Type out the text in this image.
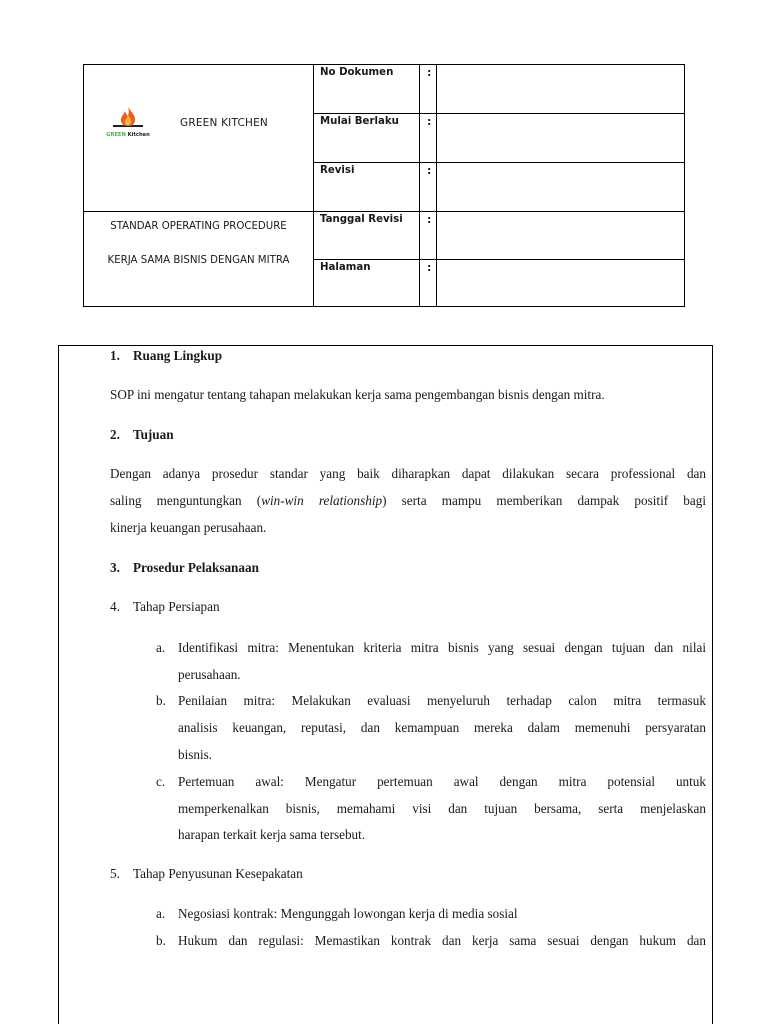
GREEN Kitchen
GREEN KITCHEN
STANDAR OPERATING PROCEDURE
KERJA SAMA BISNIS DENGAN MITRA
No Dokumen
Mulai Berlaku
Revisi
Tanggal Revisi
Halaman
:
:
:
:
:
1. Ruang Lingkup
SOP ini mengatur tentang tahapan melakukan kerja sama pengembangan bisnis dengan mitra.
2. Tujuan
Dengan adanya prosedur standar yang baik diharapkan dapat dilakukan secara professional dan
saling menguntungkan (win-win relationship) serta mampu memberikan dampak positif bagi
kinerja keuangan perusahaan.
3. Prosedur Pelaksanaan
4. Tahap Persiapan
a. Identifikasi mitra: Menentukan kriteria mitra bisnis yang sesuai dengan tujuan dan nilai
perusahaan.
b. Penilaian mitra: Melakukan evaluasi menyeluruh terhadap calon mitra termasuk
analisis keuangan, reputasi, dan kemampuan mereka dalam memenuhi persyaratan
bisnis.
c. Pertemuan awal: Mengatur pertemuan awal dengan mitra potensial untuk
memperkenalkan bisnis, memahami visi dan tujuan bersama, serta menjelaskan
harapan terkait kerja sama tersebut.
5. Tahap Penyusunan Kesepakatan
a. Negosiasi kontrak: Mengunggah lowongan kerja di media sosial
b. Hukum dan regulasi: Memastikan kontrak dan kerja sama sesuai dengan hukum dan
